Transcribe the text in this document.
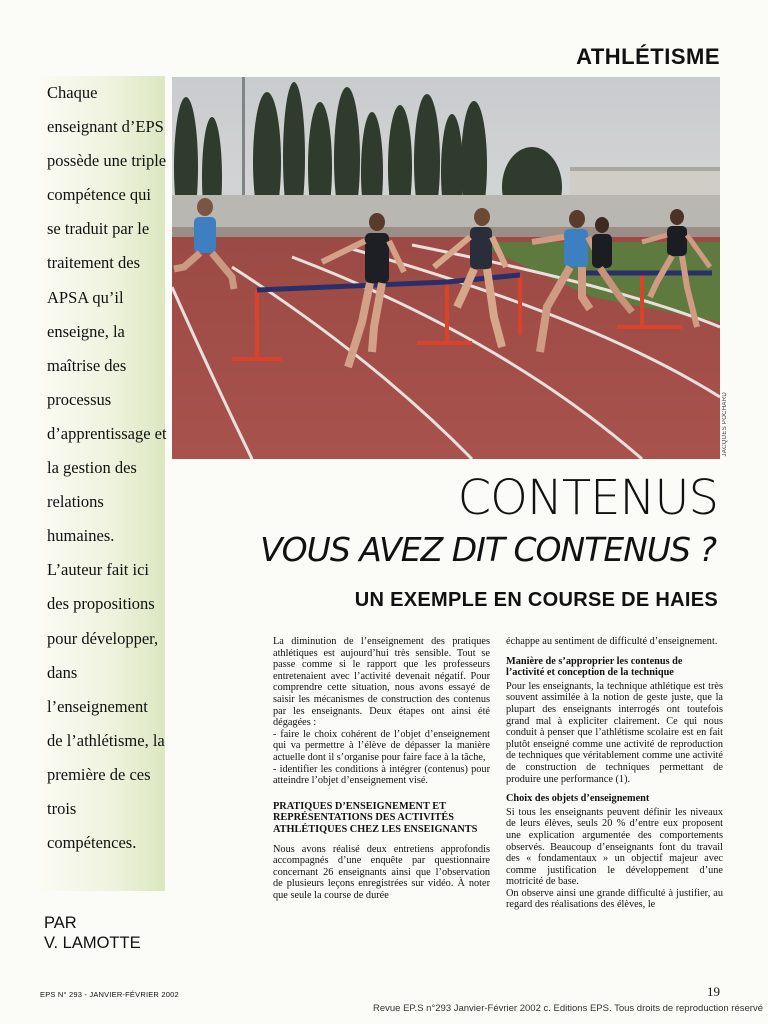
ATHLÉTISME
Chaque enseignant d’EPS possède une triple compétence qui se traduit par le traitement des APSA qu’il enseigne, la maîtrise des processus d’apprentissage et la gestion des relations humaines. L’auteur fait ici des propositions pour développer, dans l’enseignement de l’athlétisme, la première de ces trois compétences.
PAR
V. LAMOTTE
JACQUES POCHARD
CONTENUS
VOUS AVEZ DIT CONTENUS ?
UN EXEMPLE EN COURSE DE HAIES

La diminution de l’enseignement des pratiques athlétiques est aujourd’hui très sensible. Tout se passe comme si le rapport que les professeurs entretenaient avec l’activité devenait négatif. Pour comprendre cette situation, nous avons essayé de saisir les mécanismes de construction des contenus par les enseignants. Deux étapes ont ainsi été dégagées :

- faire le choix cohérent de l’objet d’enseignement qui va permettre à l’élève de dépasser la manière actuelle dont il s’organise pour faire face à la tâche,

- identifier les conditions à intégrer (contenus) pour atteindre l’objet d’enseignement visé.

PRATIQUES D’ENSEIGNEMENT ET REPRÉSENTATIONS DES ACTIVITÉS ATHLÉTIQUES CHEZ LES ENSEIGNANTS

Nous avons réalisé deux entretiens approfondis accompagnés d’une enquête par questionnaire concernant 26 enseignants ainsi que l’observation de plusieurs leçons enregistrées sur vidéo. À noter que seule la course de durée

échappe au sentiment de difficulté d’enseignement.

Manière de s’approprier les contenus de l’activité et conception de la technique

Pour les enseignants, la technique athlétique est très souvent assimilée à la notion de geste juste, que la plupart des enseignants interrogés ont toutefois grand mal à expliciter clairement. Ce qui nous conduit à penser que l’athlétisme scolaire est en fait plutôt enseigné comme une activité de reproduction de techniques que véritablement comme une activité de construction de techniques permettant de produire une performance (1).

Choix des objets d’enseignement

Si tous les enseignants peuvent définir les niveaux de leurs élèves, seuls 20 % d’entre eux proposent une explication argumentée des comportements observés. Beaucoup d’enseignants font du travail des « fondamentaux » un objectif majeur avec comme justification le développement d’une motricité de base.

On observe ainsi une grande difficulté à justifier, au regard des réalisations des élèves, le

19
EPS N° 293 - JANVIER-FÉVRIER 2002
Revue EP.S n°293 Janvier-Février 2002 c. Editions EPS. Tous droits de reproduction réservé
